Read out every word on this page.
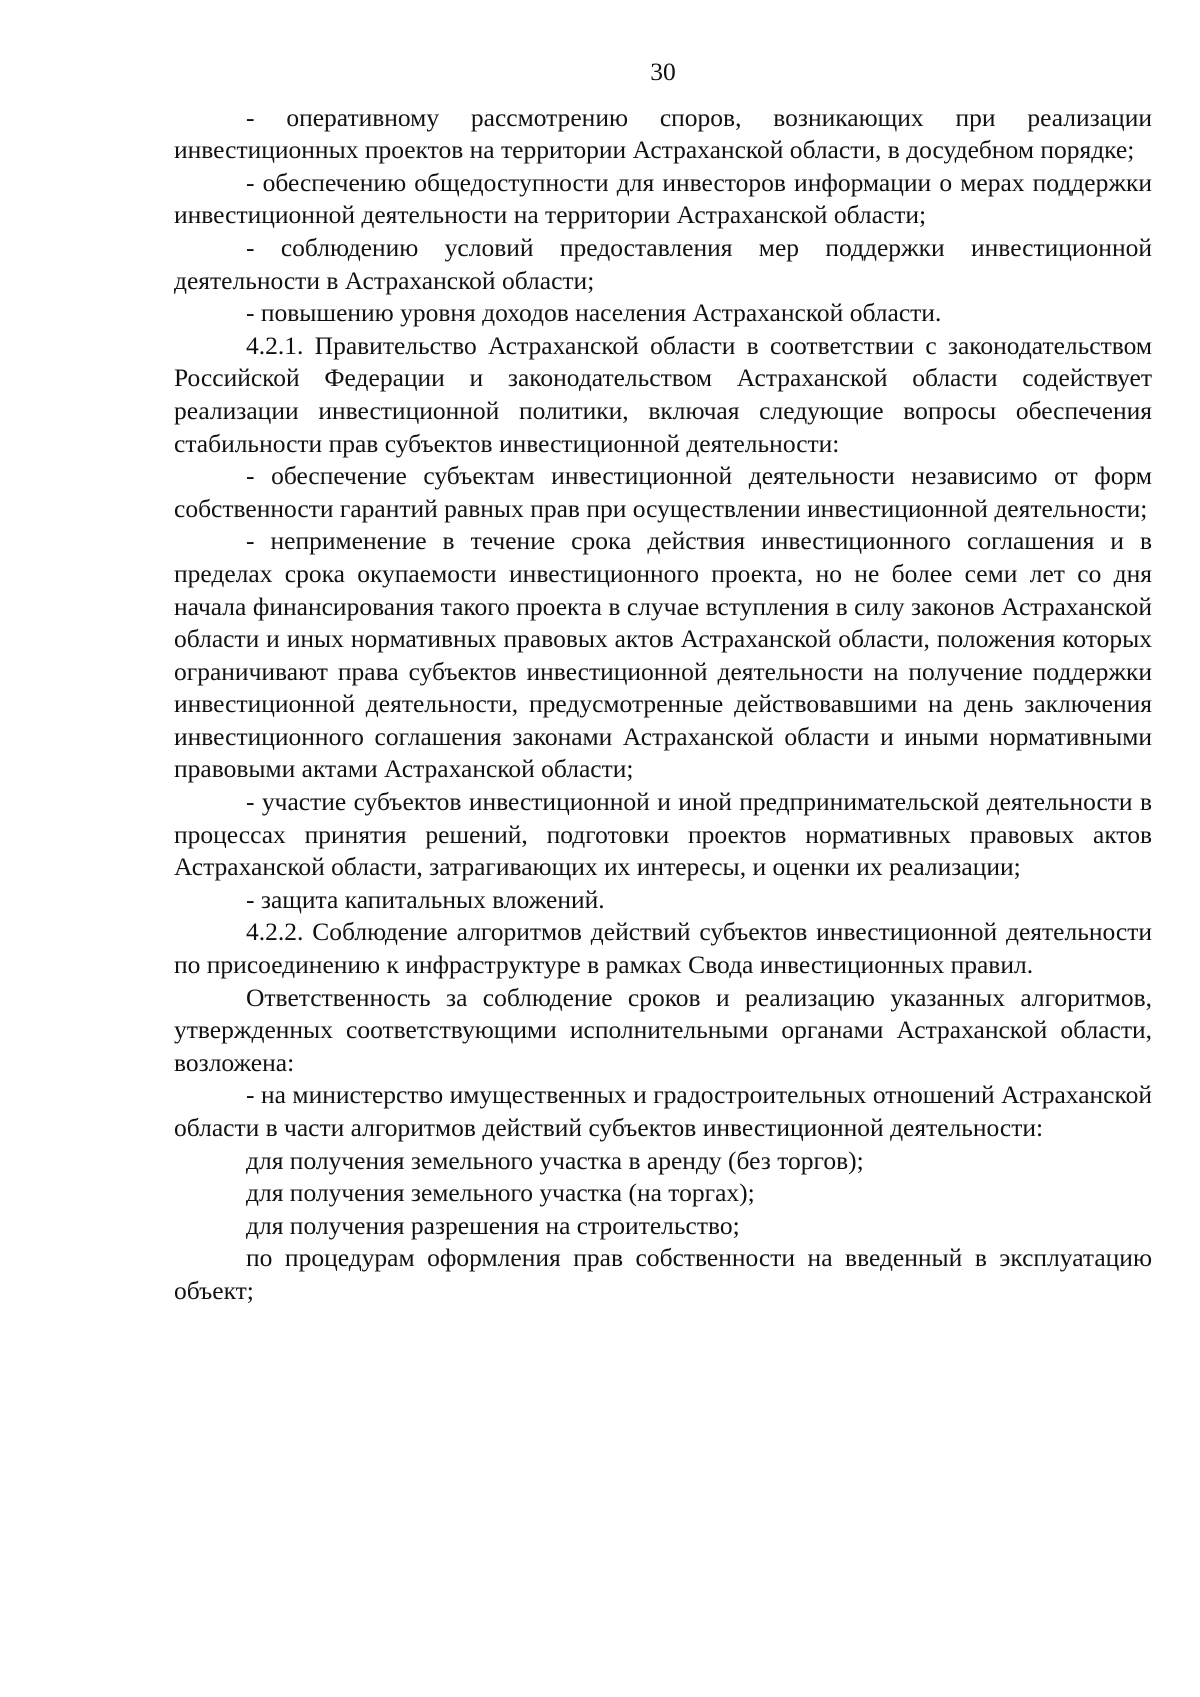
30

- оперативному рассмотрению споров, возникающих при реализации инвестиционных проектов на территории Астраханской области, в досудебном порядке;

- обеспечению общедоступности для инвесторов информации о мерах поддержки инвестиционной деятельности на территории Астраханской области;

- соблюдению условий предоставления мер поддержки инвестиционной деятельности в Астраханской области;

- повышению уровня доходов населения Астраханской области.

4.2.1. Правительство Астраханской области в соответствии с законодательством Российской Федерации и законодательством Астраханской области содействует реализации инвестиционной политики, включая следующие вопросы обеспечения стабильности прав субъектов инвестиционной деятельности:

- обеспечение субъектам инвестиционной деятельности независимо от форм собственности гарантий равных прав при осуществлении инвестиционной деятельности;

- неприменение в течение срока действия инвестиционного соглашения и в пределах срока окупаемости инвестиционного проекта, но не более семи лет со дня начала финансирования такого проекта в случае вступления в силу законов Астраханской области и иных нормативных правовых актов Астраханской области, положения которых ограничивают права субъектов инвестиционной деятельности на получение поддержки инвестиционной деятельности, предусмотренные действовавшими на день заключения инвестиционного соглашения законами Астраханской области и иными нормативными правовыми актами Астраханской области;

- участие субъектов инвестиционной и иной предпринимательской деятельности в процессах принятия решений, подготовки проектов нормативных правовых актов Астраханской области, затрагивающих их интересы, и оценки их реализации;

- защита капитальных вложений.

4.2.2. Соблюдение алгоритмов действий субъектов инвестиционной деятельности по присоединению к инфраструктуре в рамках Свода инвестиционных правил.

Ответственность за соблюдение сроков и реализацию указанных алгоритмов, утвержденных соответствующими исполнительными органами Астраханской области, возложена:

- на министерство имущественных и градостроительных отношений Астраханской области в части алгоритмов действий субъектов инвестиционной деятельности:

для получения земельного участка в аренду (без торгов);

для получения земельного участка (на торгах);

для получения разрешения на строительство;

по процедурам оформления прав собственности на введенный в эксплуатацию объект;
